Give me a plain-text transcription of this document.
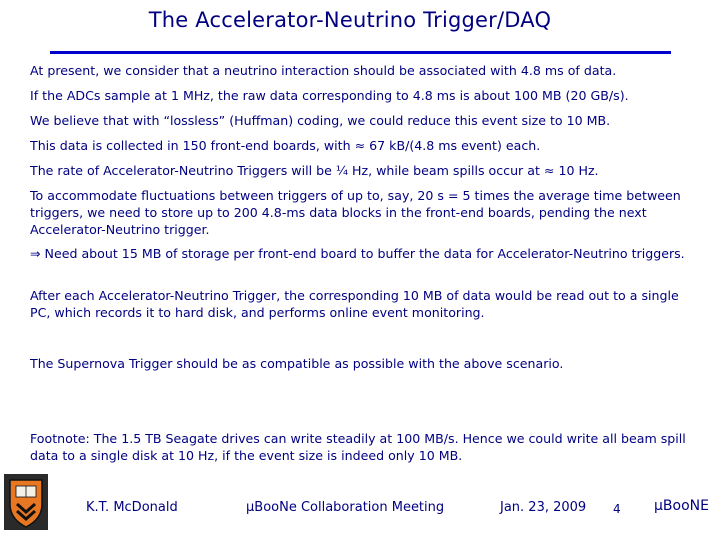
The Accelerator-Neutrino Trigger/DAQ
At present, we consider that a neutrino interaction should be associated with 4.8 ms of data.
If the ADCs sample at 1 MHz, the raw data corresponding to 4.8 ms is about 100 MB (20 GB/s).
We believe that with “lossless” (Huffman) coding, we could reduce this event size to 10 MB.
This data is collected in 150 front-end boards, with ≈ 67 kB/(4.8 ms event) each.
The rate of Accelerator-Neutrino Triggers will be ¼ Hz, while beam spills occur at ≈ 10 Hz.
To accommodate fluctuations between triggers of up to, say, 20 s = 5 times the average time between triggers, we need to store up to 200 4.8-ms data blocks in the front-end boards, pending the next Accelerator-Neutrino trigger.
⇒ Need about 15 MB of storage per front-end board to buffer the data for Accelerator-Neutrino triggers.
After each Accelerator-Neutrino Trigger, the corresponding 10 MB of data would be read out to a single PC, which records it to hard disk, and performs online event monitoring.
The Supernova Trigger should be as compatible as possible with the above scenario.
Footnote: The 1.5 TB Seagate drives can write steadily at 100 MB/s. Hence we could write all beam spill data to a single disk at 10 Hz, if the event size is indeed only 10 MB.
K.T. McDonald	µBooNe Collaboration Meeting	Jan. 23, 2009 4 µBooNE
